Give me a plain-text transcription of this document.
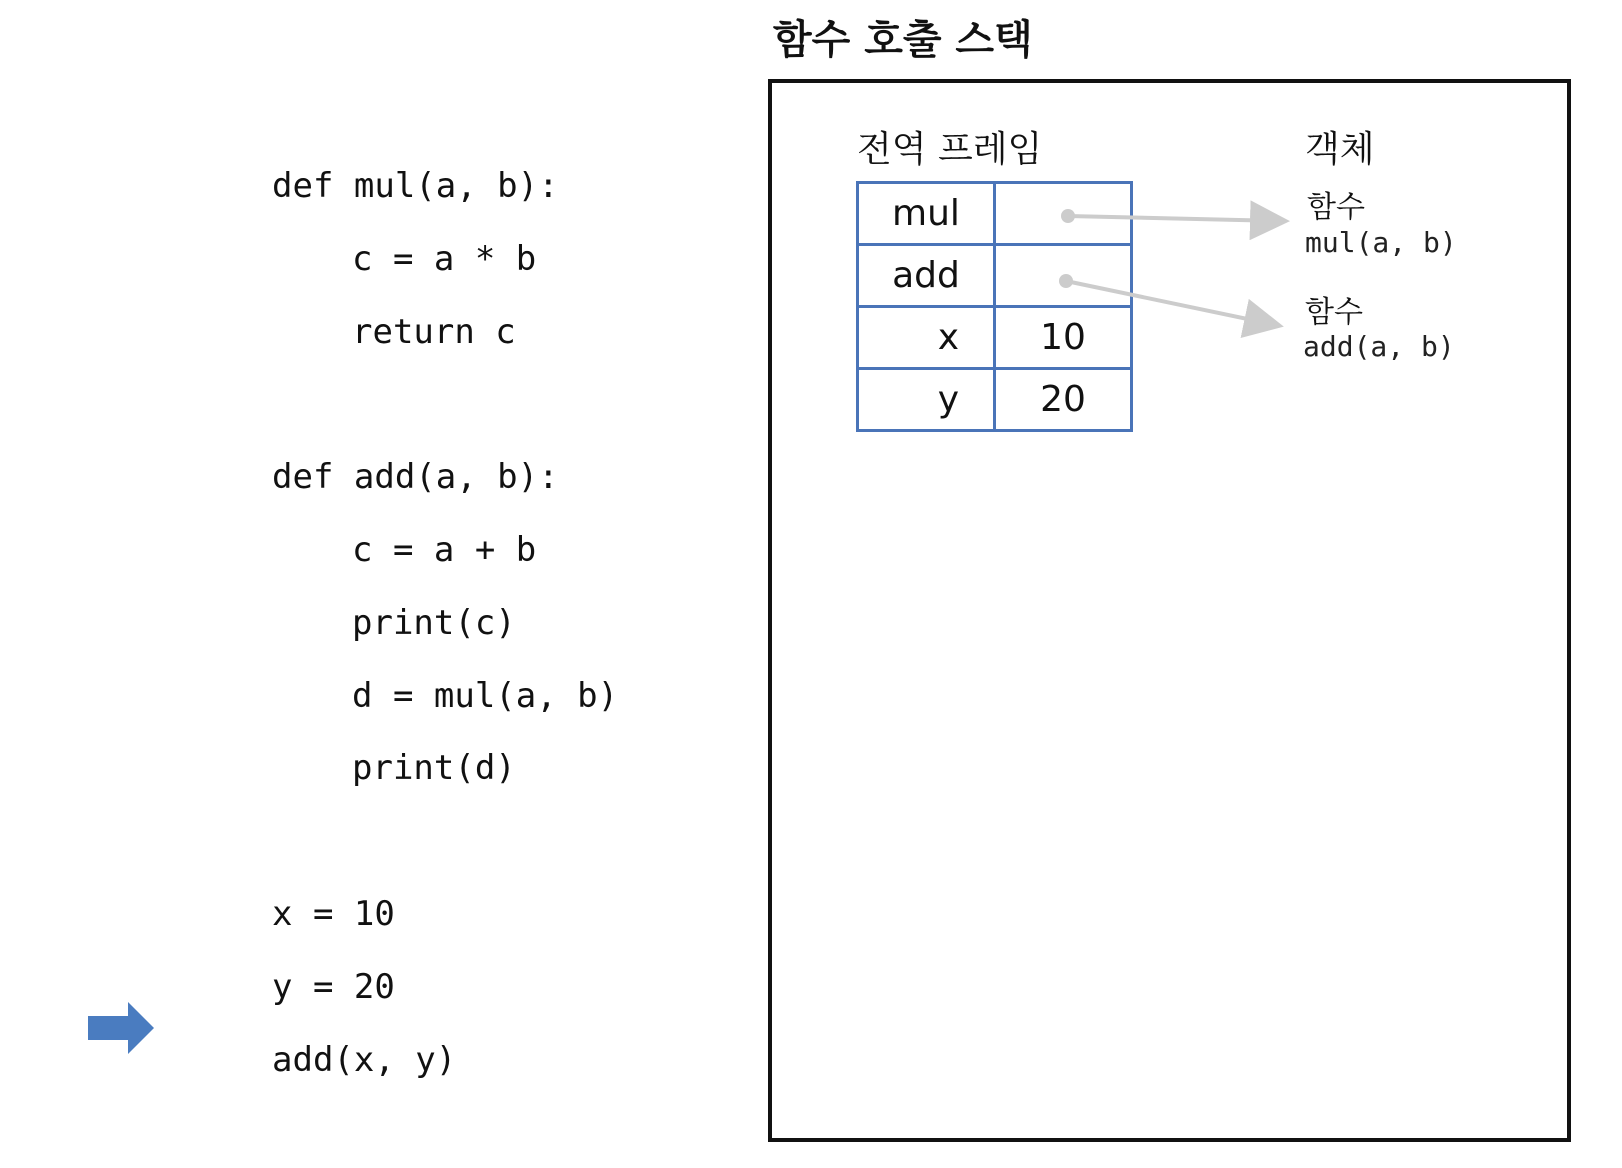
def mul(a, b):
c = a * b
return c
def add(a, b):
c = a + b
print(c)
d = mul(a, b)
print(d)
x = 10
y = 20
add(x, y)
함수 호출 스택
전역 프레임	객체
mul	
add	
x	10
y	20
함수
mul(a, b)
함수
add(a, b)
